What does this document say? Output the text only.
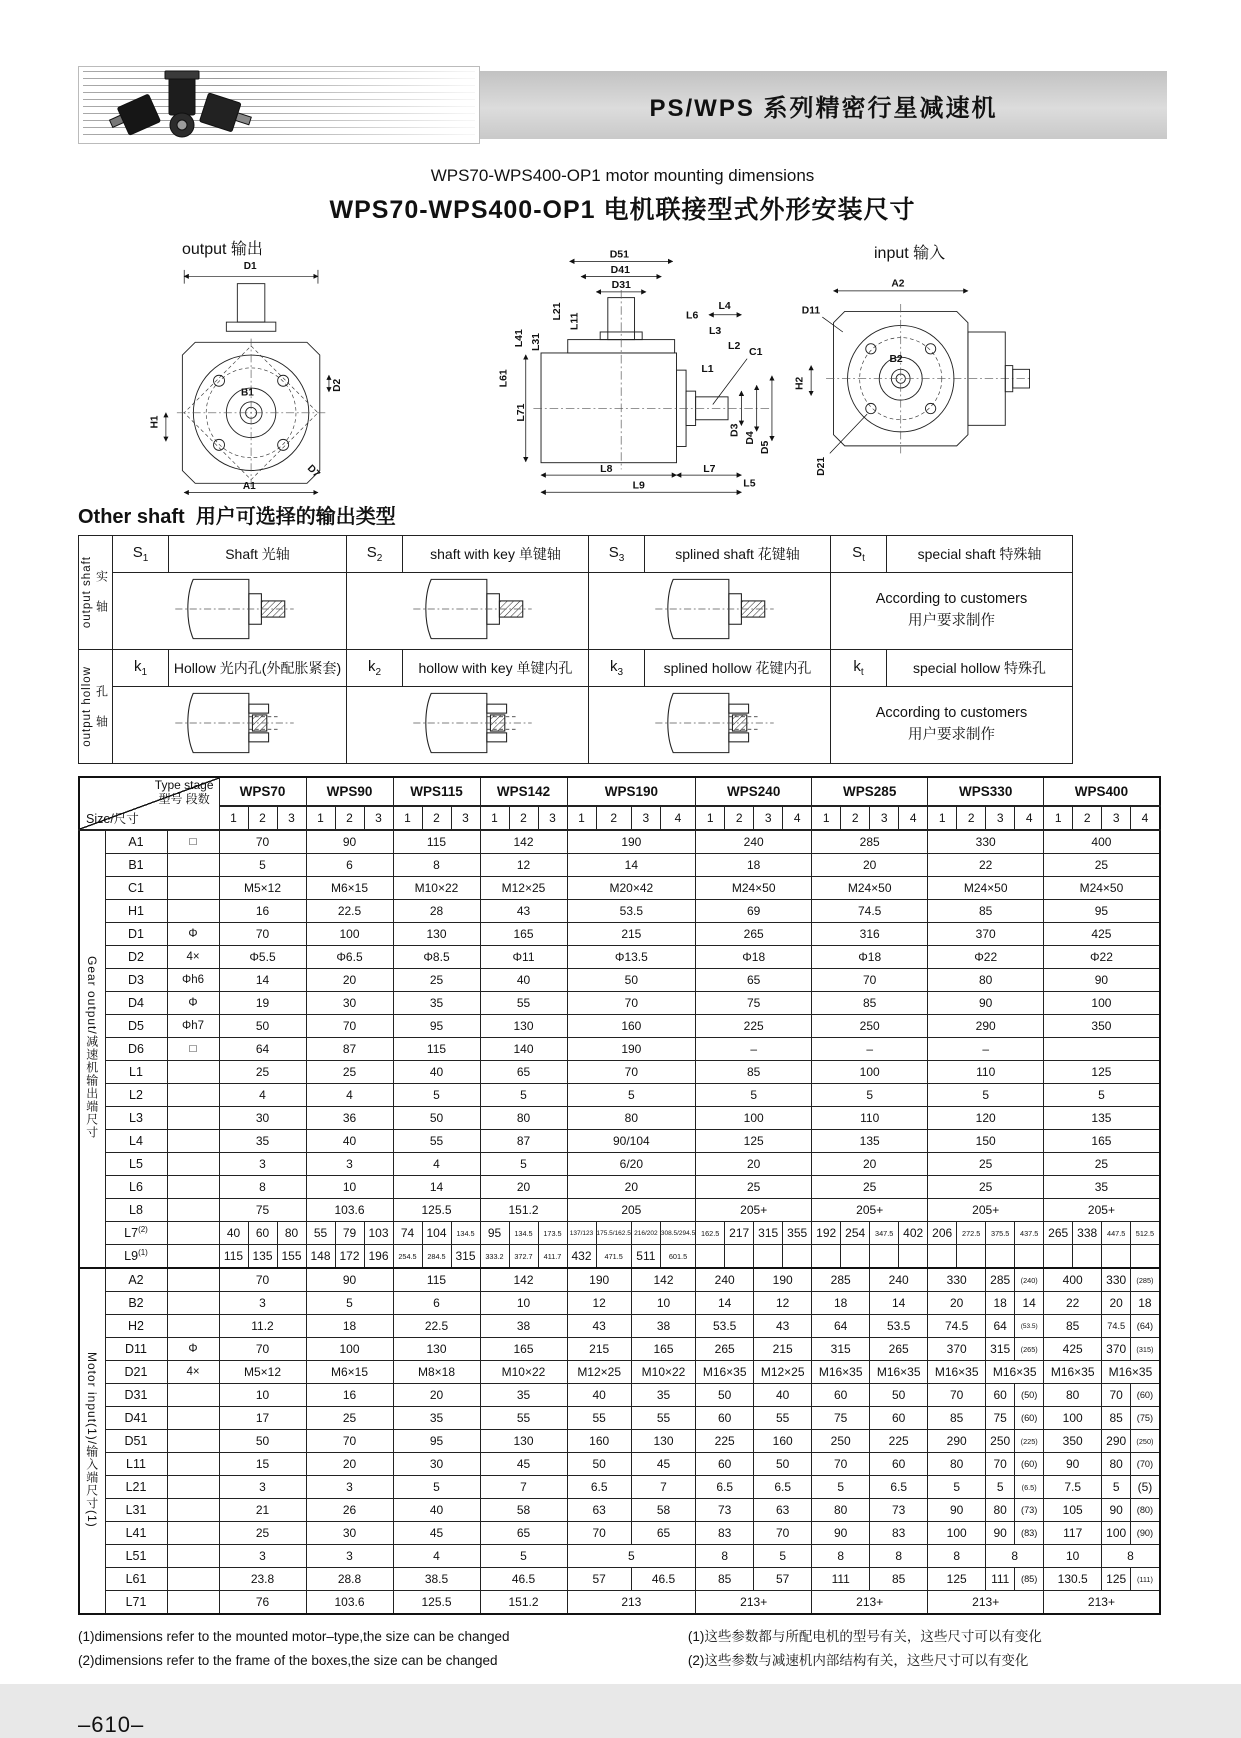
PS/WPS 系列精密行星减速机
WPS70-WPS400-OP1 motor mounting dimensions
WPS70-WPS400-OP1 电机联接型式外形安装尺寸
output 输出	input 输入
D1
B1
H1
D2
D7
A1
D51
D41
D31
L21
L11
L41 L31
L61
L71
L6
L4
L3
L2
C1
L1
D3
D4
D5
L8	L7
L5
L9
A2
D11
B2
H2
D21
Other shaft 用户可选择的输出类型
output shaft 实 轴	$S_1$	Shaft 光轴	$S_2$	shaft with key 单键轴	$S_3$	splined shaft 花键轴	$S_t$	special shaft 特殊轴

According to customers
用户要求制作	

output hollow 孔 轴	$k_1$	Hollow 光内孔(外配胀紧套)	$k_2$	hollow with key 单键内孔	$k_3$	splined hollow 花键内孔	$k_t$	special hollow 特殊孔

According to customers
用户要求制作	
Type stage
型号 段数
Size/尺寸			WPS70			WPS90			WPS115			WPS142			WPS190				WPS240				WPS285				WPS330				WPS400			
			1	2	3	1	2	3	1	2	3	1	2	3	1	2	3	4	1	2	3	4	1	2	3	4	1	2	3	4	1	2	3	4
Gear output/减速机输出端尺寸	A1	□	70			90			115			142			190				240				285				330				400			
	B1		5			6			8			12			14				18				20				22				25			
	C1		M5×12			M6×15			M10×22			M12×25			M20×42				M24×50				M24×50				M24×50				M24×50			
	H1		16			22.5			28			43			53.5				69				74.5				85				95			
	D1	Φ	70			100			130			165			215				265				316				370				425			
	D2	4×	Φ5.5			Φ6.5			Φ8.5			Φ11			Φ13.5				Φ18				Φ18				Φ22				Φ22			
	D3	Φh6	14			20			25			40			50				65				70				80				90			
	D4	Φ	19			30			35			55			70				75				85				90				100			
	D5	Φh7	50			70			95			130			160				225				250				290				350			
	D6	□	64			87			115			140			190				–				–				–							
	L1		25			25			40			65			70				85				100				110				125			
	L2		4			4			5			5			5				5				5				5				5			
	L3		30			36			50			80			80				100				110				120				135			
	L4		35			40			55			87			90/104				125				135				150				165			
	L5		3			3			4			5			6/20				20				20				25				25			
	L6		8			10			14			20			20				25				25				25				35			
	L8		75			103.6			125.5			151.2			205				205+				205+				205+				205+			
	L7$^{(2)}$		40	60	80	55	79	103	74	104	134.5	95	134.5	173.5	137/123	175.5/162.5	216/202	308.5/294.5	162.5	217	315	355	192	254	347.5	402	206	272.5	375.5	437.5	265	338	447.5	512.5
	L9$^{(1)}$		115	135	155	148	172	196	254.5	284.5	315	333.2	372.7	411.7	432	471.5	511	601.5																
Motor input(1)/输入端尺寸(1)	A2		70			90			115			142			190		142		240		190		285		240		330		285	(240)	400		330	(285)
	B2		3			5			6			10			12		10		14		12		18		14		20		18	14	22		20	18
	H2		11.2			18			22.5			38			43		38		53.5		43		64		53.5		74.5		64	(53.5)	85		74.5	(64)
	D11	Φ	70			100			130			165			215		165		265		215		315		265		370		315	(265)	425		370	(315)
	D21	4×	M5×12			M6×15			M8×18			M10×22			M12×25		M10×22		M16×35		M12×25		M16×35		M16×35		M16×35		M16×35		M16×35		M16×35	
	D31		10			16			20			35			40		35		50		40		60		50		70		60	(50)	80		70	(60)
	D41		17			25			35			55			55		55		60		55		75		60		85		75	(60)	100		85	(75)
	D51		50			70			95			130			160		130		225		160		250		225		290		250	(225)	350		290	(250)
	L11		15			20			30			45			50		45		60		50		70		60		80		70	(60)	90		80	(70)
	L21		3			3			5			7			6.5		7		6.5		6.5		5		6.5		5		5	(6.5)	7.5		5	(5)
	L31		21			26			40			58			63		58		73		63		80		73		90		80	(73)	105		90	(80)
	L41		25			30			45			65			70		65		83		70		90		83		100		90	(83)	117		100	(90)
	L51		3			3			4			5			5				8		5		8		8		8		8		10		8	
	L61		23.8			28.8			38.5			46.5			57		46.5		85		57		111		85		125		111	(85)	130.5		125	(111)
	L71		76			103.6			125.5			151.2			213				213+				213+				213+				213+			
(1)dimensions refer to the mounted motor–type,the size can be changed
(2)dimensions refer to the frame of the boxes,the size can be changed
(1)这些参数都与所配电机的型号有关，这些尺寸可以有变化
(2)这些参数与减速机内部结构有关，这些尺寸可以有变化
–610–
